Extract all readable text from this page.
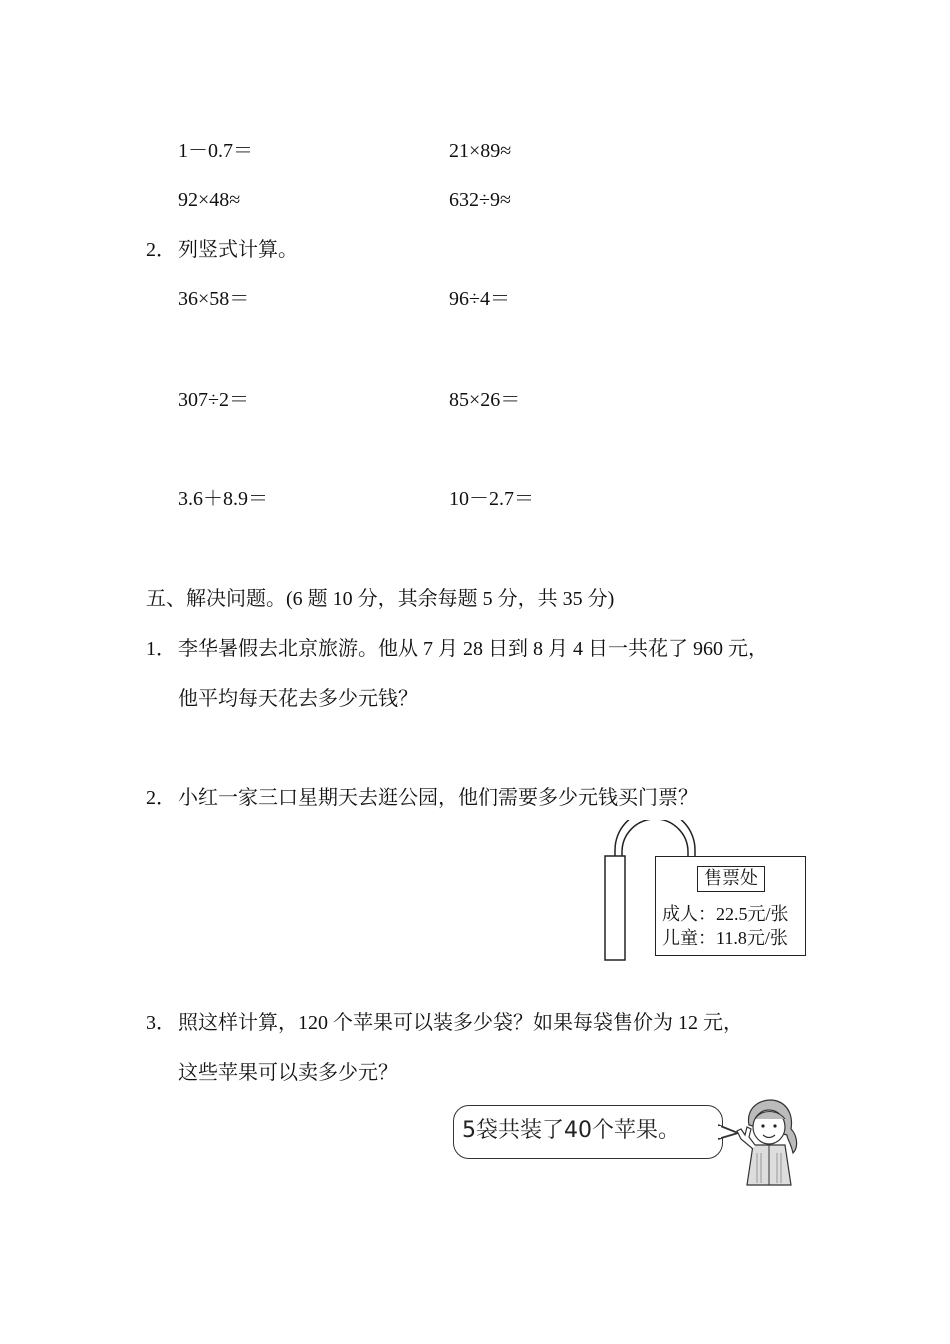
1－0.7＝	21×89≈
92×48≈	632÷9≈
2． 列竖式计算。
36×58＝	96÷4＝
307÷2＝	85×26＝
3.6＋8.9＝	10－2.7＝
五、解决问题。(6 题 10 分，其余每题 5 分，共 35 分)
1． 李华暑假去北京旅游。他从 7 月 28 日到 8 月 4 日一共花了 960 元，
他平均每天花去多少元钱？
2． 小红一家三口星期天去逛公园，他们需要多少元钱买门票？
售票处
成人：22.5元/张
儿童：11.8元/张
3． 照这样计算，120 个苹果可以装多少袋？如果每袋售价为 12 元，
这些苹果可以卖多少元？
5袋共装了40个苹果。
